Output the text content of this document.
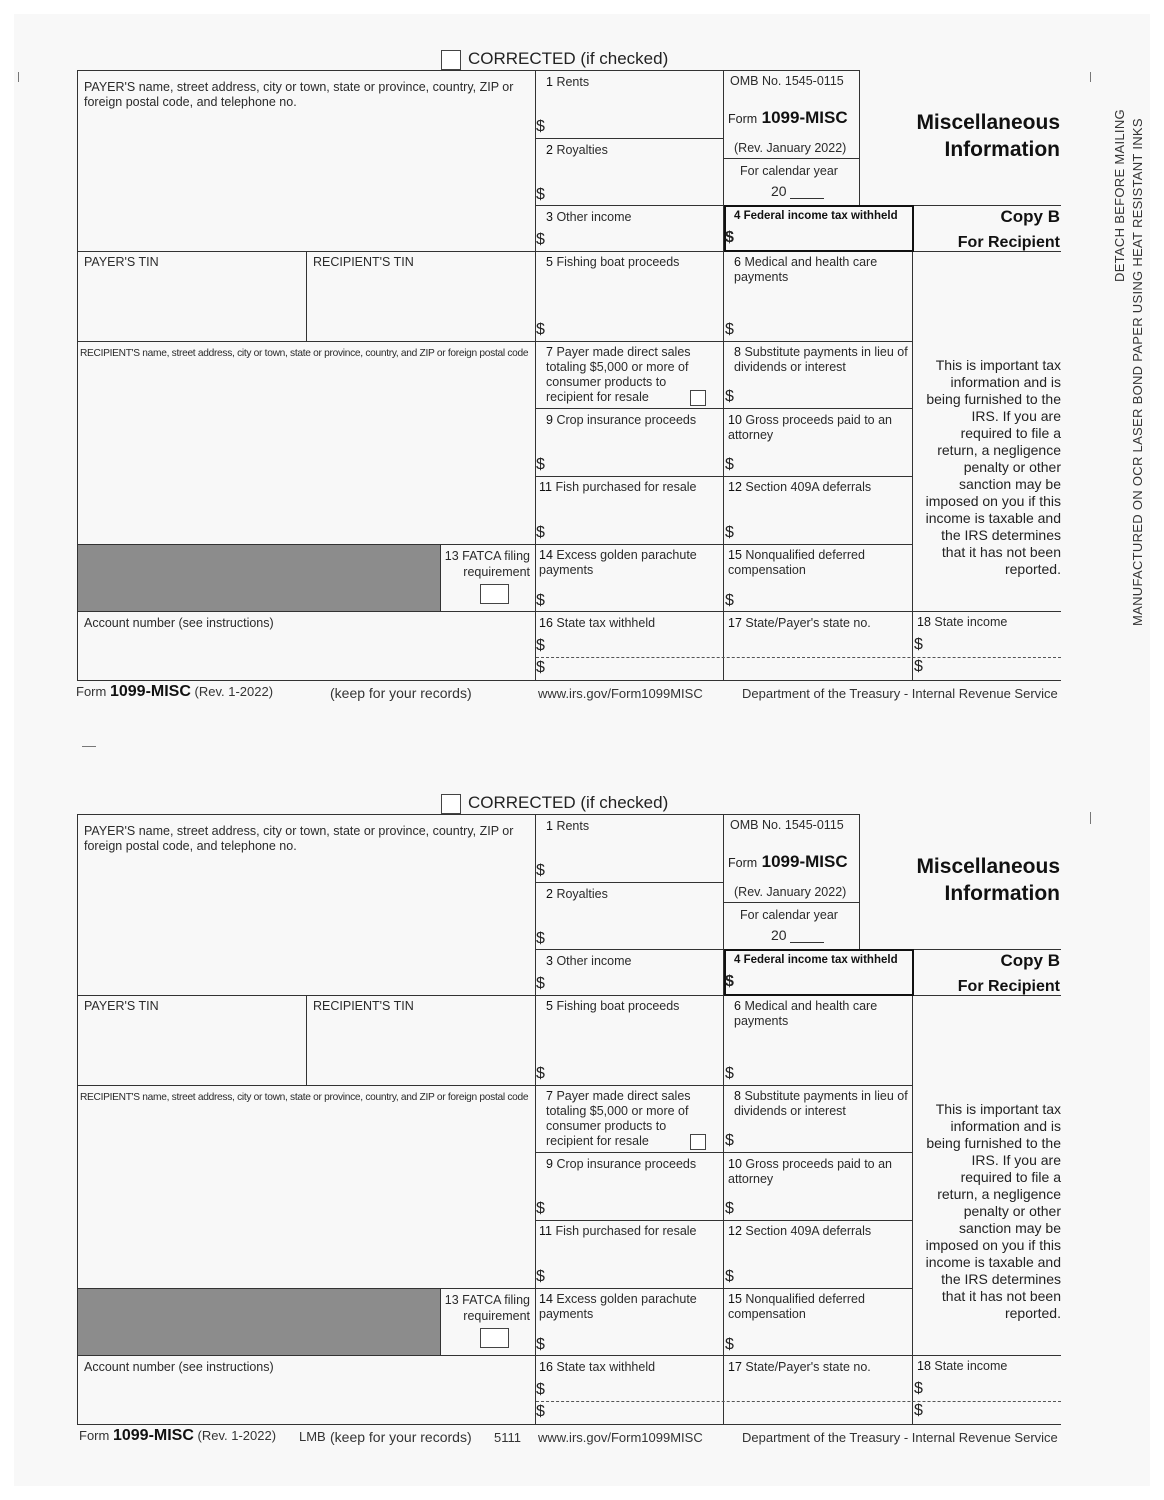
DETACH BEFORE MAILING MANUFACTURED ON OCR LASER BOND PAPER USING HEAT RESISTANT INKS
CORRECTED (if checked)
PAYER'S name, street address, city or town, state or province, country, ZIP or foreign postal code, and telephone no.
PAYER'S TIN	RECIPIENT'S TIN
RECIPIENT'S name, street address, city or town, state or province, country, and ZIP or foreign postal code
13 FATCA filing requirement
Account number (see instructions)
1 Rents
$
2 Royalties
$
3 Other income
$
OMB No. 1545-0115
Form 1099-MISC
(Rev. January 2022)
For calendar year
20
Miscellaneous
Information
4 Federal income tax withheld
$
Copy B
For Recipient
5 Fishing boat proceeds
$
6 Medical and health care payments
$
7 Payer made direct sales totaling $5,000 or more of consumer products to recipient for resale
8 Substitute payments in lieu of dividends or interest
$
This is important tax information and is being furnished to the IRS. If you are required to file a return, a negligence penalty or other sanction may be imposed on you if this income is taxable and the IRS determines that it has not been reported.
9 Crop insurance proceeds
$
10 Gross proceeds paid to an attorney
$
11 Fish purchased for resale
$
12 Section 409A deferrals
$
14 Excess golden parachute payments
$
15 Nonqualified deferred compensation
$
16 State tax withheld
$
$
17 State/Payer's state no.	18 State income
$
$
Form 1099-MISC (Rev. 1-2022)	(keep for your records)	www.irs.gov/Form1099MISC	Department of the Treasury - Internal Revenue Service
CORRECTED (if checked)
PAYER'S name, street address, city or town, state or province, country, ZIP or foreign postal code, and telephone no.
PAYER'S TIN	RECIPIENT'S TIN
RECIPIENT'S name, street address, city or town, state or province, country, and ZIP or foreign postal code
13 FATCA filing requirement
Account number (see instructions)
1 Rents
$
2 Royalties
$
3 Other income
$
OMB No. 1545-0115
Form 1099-MISC
(Rev. January 2022)
For calendar year
20
Miscellaneous
Information
4 Federal income tax withheld
$
Copy B
For Recipient
5 Fishing boat proceeds
$
6 Medical and health care payments
$
7 Payer made direct sales totaling $5,000 or more of consumer products to recipient for resale
8 Substitute payments in lieu of dividends or interest
$
This is important tax information and is being furnished to the IRS. If you are required to file a return, a negligence penalty or other sanction may be imposed on you if this income is taxable and the IRS determines that it has not been reported.
9 Crop insurance proceeds
$
10 Gross proceeds paid to an attorney
$
11 Fish purchased for resale
$
12 Section 409A deferrals
$
14 Excess golden parachute payments
$
15 Nonqualified deferred compensation
$
16 State tax withheld
$
$
17 State/Payer's state no.	18 State income
$
$
Form 1099-MISC (Rev. 1-2022) LMB (keep for your records) 5111 www.irs.gov/Form1099MISC	Department of the Treasury - Internal Revenue Service
